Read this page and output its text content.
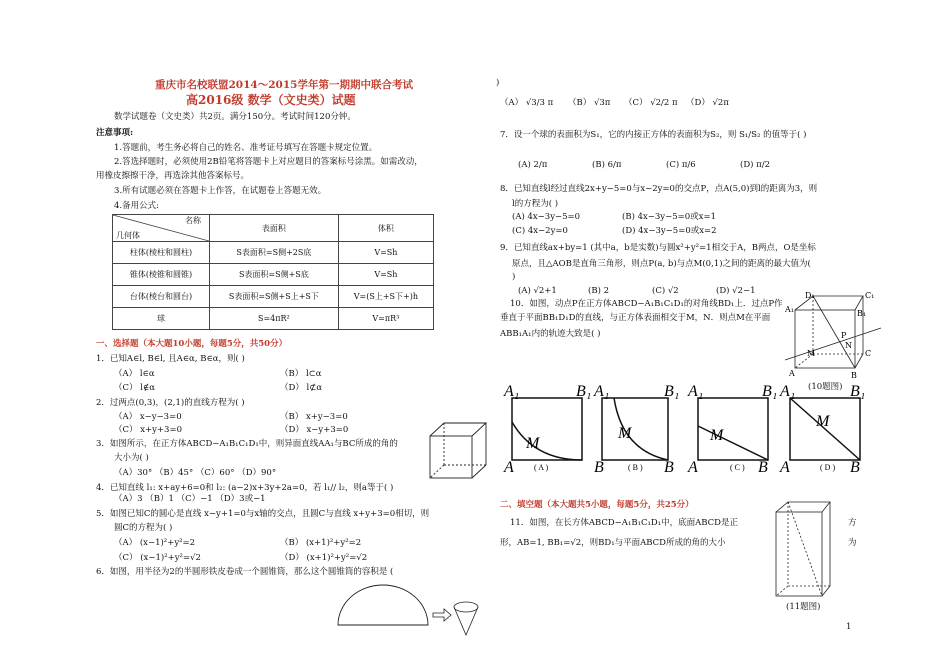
重庆市名校联盟2014～2015学年第一期期中联合考试
高2016级 数学（文史类）试题
数学试题卷（文史类）共2页。满分150分。考试时间120分钟。
注意事项:
1.答题前，考生务必将自己的姓名、准考证号填写在答题卡规定位置。
2.答选择题时，必须使用2B铅笔将答题卡上对应题目的答案标号涂黑。如需改动，
用橡皮擦擦干净，再选涂其他答案标号。
3.所有试题必须在答题卡上作答，在试题卷上答题无效。
4.备用公式:
名称
几何体	表面积	体积
柱体(棱柱和圆柱)	S表面积=S侧+2S底	V=Sh
锥体(棱锥和圆锥)	S表面积=S侧+S底	V=Sh
台体(棱台和圆台)	S表面积=S侧+S上+S下	V=(S上+S下+)h
球	S=4πR²	V=πR³
一、选择题（本大题10小题，每题5分，共50分）
1．已知A∈l, B∈l, 且A∈α, B∈α，则( )
（A） l∈α	（B） l⊂α
（C） l∉α	（D） l⊄α
2．过两点(0,3)，(2,1)的直线方程为( )
（A） x−y−3=0	（B） x+y−3=0
（C） x+y+3=0	（D） x−y+3=0
3．如图所示，在正方体ABCD−A₁B₁C₁D₁中，则异面直线AA₁与BC所成的角的
大小为( )
（A）30° （B）45° （C）60° （D）90°
4．已知直线 l₁: x+ay+6=0和 l₂: (a−2)x+3y+2a=0，若 l₁// l₂，则a等于( )
（A）3 （B）1 （C）−1 （D）3或−1
5．如图已知C的圆心是直线 x−y+1=0与x轴的交点，且圆C与直线 x+y+3=0相切，则
圆C的方程为( )
（A） (x−1)²+y²=2	（B） (x+1)²+y²=2
（C） (x−1)²+y²=√2	（D） (x+1)²+y²=√2
6．如图，用半径为2的半圆形铁皮卷成一个圆锥筒，那么这个圆锥筒的容积是 (
)
（A） √3/3 π （B） √3π （C） √2/2 π （D） √2π
7．设一个球的表面积为S₁，它的内接正方体的表面积为S₂，则 S₁/S₂ 的值等于( )
(A) 2/π	(B) 6/π	(C) π/6	(D) π/2
8．已知直线l经过直线2x+y−5=0与x−2y=0的交点P，点A(5,0)到l的距离为3，则
l的方程为( )
(A) 4x−3y−5=0	(B) 4x−3y−5=0或x=1
(C) 4x−2y=0	(D) 4x−3y−5=0或x=2
9．已知直线ax+by=1 (其中a，b是实数)与圆x²+y²=1相交于A，B两点，O是坐标
原点，且△AOB是直角三角形，则点P(a, b)与点M(0,1)之间的距离的最大值为(
)
(A) √2+1	(B) 2	(C) √2	(D) √2−1
10．如图，动点P在正方体ABCD−A₁B₁C₁D₁的对角线BD₁上．过点P作
垂直于平面BB₁D₁D的直线，与正方体表面相交于M，N．则点M在平面
ABB₁A₁内的轨迹大致是( )
D₁	C₁
A₁	B₁
P
M
N
A	B
C
(10题图)
A₁	B₁
A	B
M
A₁	B₁
B
M
A₁	B₁
A	B
M
A₁	B₁
A	B
M
( A )	( B )	( C )	( D )
二、填空题（本大题共5小题，每题5分，共25分）
11．如图，在长方体ABCD−A₁B₁C₁D₁中，底面ABCD是正	方
形，AB=1, BB₁=√2，则BD₁与平面ABCD所成的角的大小	为
(11题图)
1
